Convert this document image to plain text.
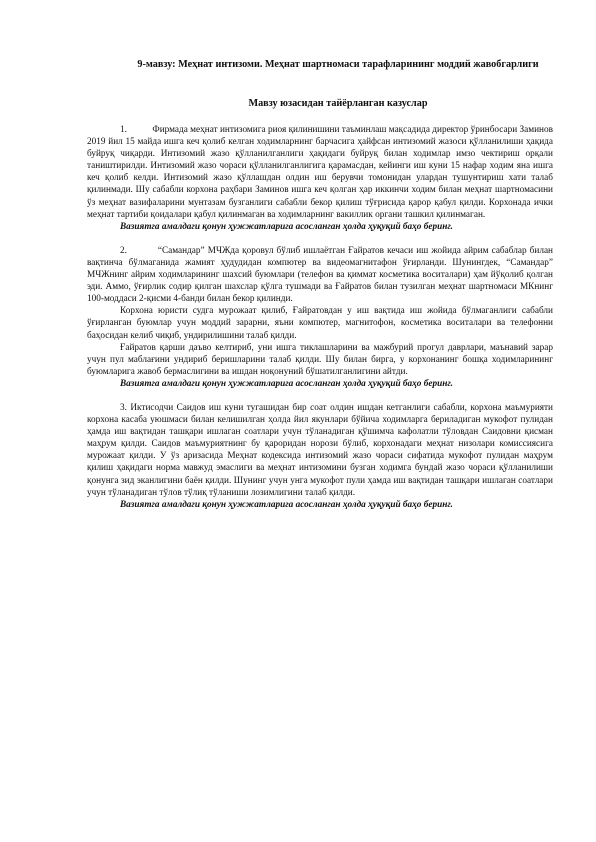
9-мавзу: Меҳнат интизоми. Меҳнат шартномаси тарафларининг моддий жавобгарлиги
Мавзу юзасидан тайёрланган казуслар

1.	Фирмада меҳнат интизомига риоя қилинишини таъминлаш мақсадида директор ўринбосари Заминов 2019 йил 15 майда ишга кеч қолиб келган ходимларнинг барчасига ҳайфсан интизомий жазоси қўлланилиши ҳақида буйруқ чиқарди. Интизомий жазо қўлланилганлиги ҳақидаги буйруқ билан ходимлар имзо чектириш орқали таништирилди. Интизомий жазо чораси қўлланилганлигига қарамасдан, кейинги иш куни 15 нафар ходим яна ишга кеч қолиб келди. Интизомий жазо қўллашдан олдин иш берувчи томонидан улардан тушунтириш хати талаб қилинмади. Шу сабабли корхона раҳбари Заминов ишга кеч қолган ҳар иккинчи ходим билан меҳнат шартномасини ўз меҳнат вазифаларини мунтазам бузганлиги сабабли бекор қилиш тўғрисида қарор қабул қилди. Корхонада ички меҳнат тартиби қоидалари қабул қилинмаган ва ходимларнинг вакиллик органи ташкил қилинмаган.

Вазиятга амалдаги қонун ҳужжатларига асосланган ҳолда ҳуқуқий баҳо беринг.

2.	“Самандар” МЧЖда қоровул бўлиб ишлаётган Ғайратов кечаси иш жойида айрим сабаблар билан вақтинча бўлмаганида жамият ҳудудидан компютер ва видеомагнитафон ўғирланди. Шунингдек, “Самандар” МЧЖнинг айрим ходимларининг шахсий буюмлари (телефон ва қиммат косметика воситалари) ҳам йўқолиб қолган эди. Аммо, ўғирлик содир қилган шахслар қўлга тушмади ва Ғайратов билан тузилган меҳнат шартномаси МКнинг 100-моддаси 2-қисми 4-банди билан бекор қилинди.

Корхона юристи судга мурожаат қилиб, Ғайратовдан у иш вақтида иш жойида бўлмаганлиги сабабли ўғирланган буюмлар учун моддий зарарни, яъни компютер, магнитофон, косметика воситалари ва телефонни баҳосидан келиб чиқиб, ундирилишини талаб қилди.

Ғайратов қарши даъво келтириб, уни ишга тиклашларини ва мажбурий прогул даврлари, маънавий зарар учун пул маблағини ундириб беришларини талаб қилди. Шу билан бирга, у корхонанинг бошқа ходимларининг буюмларига жавоб бермаслигини ва ишдан ноқонуний бўшатилганлигини айтди.

Вазиятга амалдаги қонун ҳужжатларига асосланган ҳолда ҳуқуқий баҳо беринг.

3. Иктисодчи Саидов иш куни тугашидан бир соат олдин ишдан кетганлиги сабабли, корхона маъмурияти корхона касаба уюшмаси билан келишилган ҳолда йил якунлари бўйича ходимларга бериладиган мукофот пулидан ҳамда иш вақтидан ташқари ишлаган соатлари учун тўланадиган қўшимча кафолатли тўловдан Саидовни қисман маҳрум қилди. Саидов маъмуриятнинг бу қароридан норози бўлиб, корхонадаги меҳнат низолари комиссиясига мурожаат қилди. У ўз аризасида Меҳнат кодексида интизомий жазо чораси сифатида мукофот пулидан маҳрум қилиш ҳақидаги норма мавжуд эмаслиги ва меҳнат интизомини бузган ходимга бундай жазо чораси қўлланилиши қонунга зид эканлигини баён қилди. Шунинг учун унга мукофот пули ҳамда иш вақтидан ташқари ишлаган соатлари учун тўланадиган тўлов тўлиқ тўланиши лозимлигини талаб қилди.

Вазиятга амалдаги қонун ҳужжатларига асосланган ҳолда ҳуқуқий баҳо беринг.
